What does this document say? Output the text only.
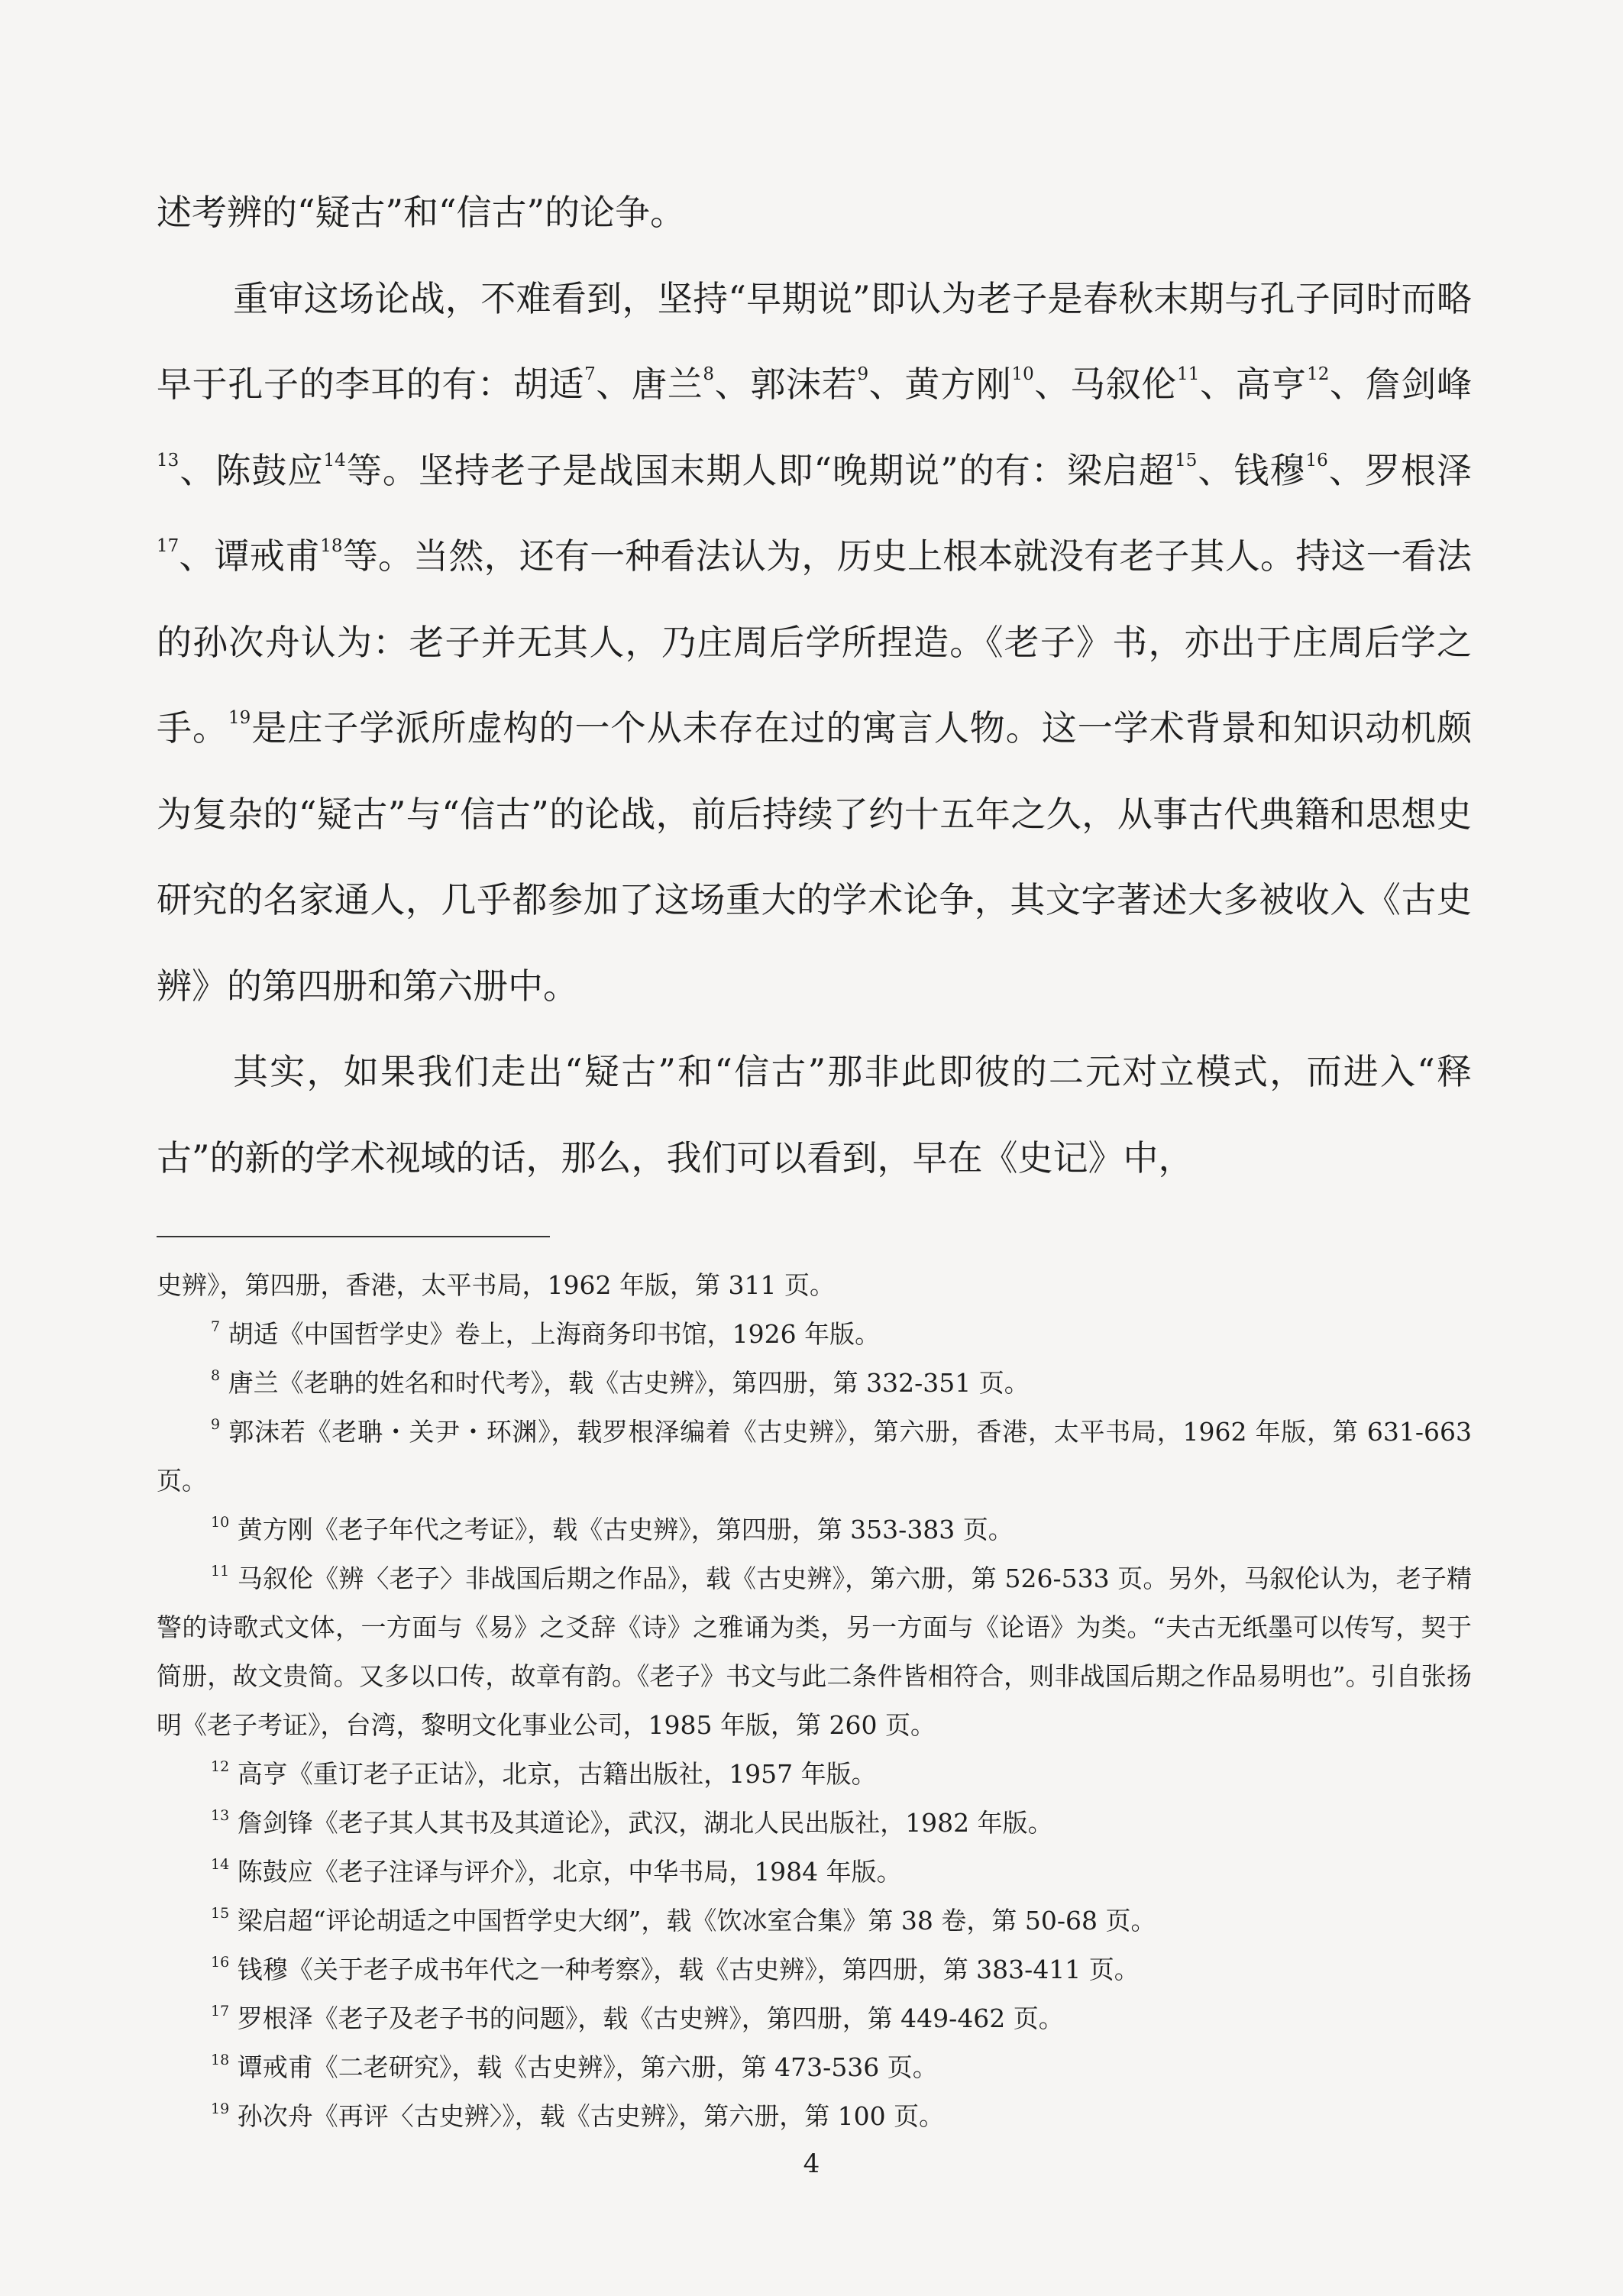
述考辨的“疑古”和“信古”的论争。

重审这场论战，不难看到，坚持“早期说”即认为老子是春秋末期与孔子同时而略早于孔子的李耳的有：胡适$^7$、唐兰$^8$、郭沫若$^9$、黄方刚$^{10}$、马叙伦$^{11}$、高亨$^{12}$、詹剑峰$^{13}$、陈鼓应$^{14}$等。坚持老子是战国末期人即“晚期说”的有：梁启超$^{15}$、钱穆$^{16}$、罗根泽$^{17}$、谭戒甫$^{18}$等。当然，还有一种看法认为，历史上根本就没有老子其人。持这一看法的孙次舟认为：老子并无其人，乃庄周后学所捏造。《老子》书，亦出于庄周后学之手。$^{19}$是庄子学派所虚构的一个从未存在过的寓言人物。这一学术背景和知识动机颇为复杂的“疑古”与“信古”的论战，前后持续了约十五年之久，从事古代典籍和思想史研究的名家通人，几乎都参加了这场重大的学术论争，其文字著述大多被收入《古史辨》的第四册和第六册中。

其实，如果我们走出“疑古”和“信古”那非此即彼的二元对立模式，而进入“释古”的新的学术视域的话，那么，我们可以看到，早在《史记》中，

史辨》，第四册，香港，太平书局，1962 年版，第 311 页。

$^7$ 胡适《中国哲学史》卷上，上海商务印书馆，1926 年版。

$^8$ 唐兰《老聃的姓名和时代考》，载《古史辨》，第四册，第 332-351 页。

$^9$ 郭沫若《老聃・关尹・环渊》，载罗根泽编着《古史辨》，第六册，香港，太平书局，1962 年版，第 631-663 页。

$^{10}$ 黄方刚《老子年代之考证》，载《古史辨》，第四册，第 353-383 页。

$^{11}$ 马叙伦《辨〈老子〉非战国后期之作品》，载《古史辨》，第六册，第 526-533 页。另外，马叙伦认为，老子精警的诗歌式文体，一方面与《易》之爻辞《诗》之雅诵为类，另一方面与《论语》为类。“夫古无纸墨可以传写，契于简册，故文贵简。又多以口传，故章有韵。《老子》书文与此二条件皆相符合，则非战国后期之作品易明也”。引自张扬明《老子考证》，台湾，黎明文化事业公司，1985 年版，第 260 页。

$^{12}$ 高亨《重订老子正诂》，北京，古籍出版社，1957 年版。

$^{13}$ 詹剑锋《老子其人其书及其道论》，武汉，湖北人民出版社，1982 年版。

$^{14}$ 陈鼓应《老子注译与评介》，北京，中华书局，1984 年版。

$^{15}$ 梁启超“评论胡适之中国哲学史大纲”，载《饮冰室合集》第 38 卷，第 50-68 页。

$^{16}$ 钱穆《关于老子成书年代之一种考察》，载《古史辨》，第四册，第 383-411 页。

$^{17}$ 罗根泽《老子及老子书的问题》，载《古史辨》，第四册，第 449-462 页。

$^{18}$ 谭戒甫《二老研究》，载《古史辨》，第六册，第 473-536 页。

$^{19}$ 孙次舟《再评〈古史辨〉》，载《古史辨》，第六册，第 100 页。

4
